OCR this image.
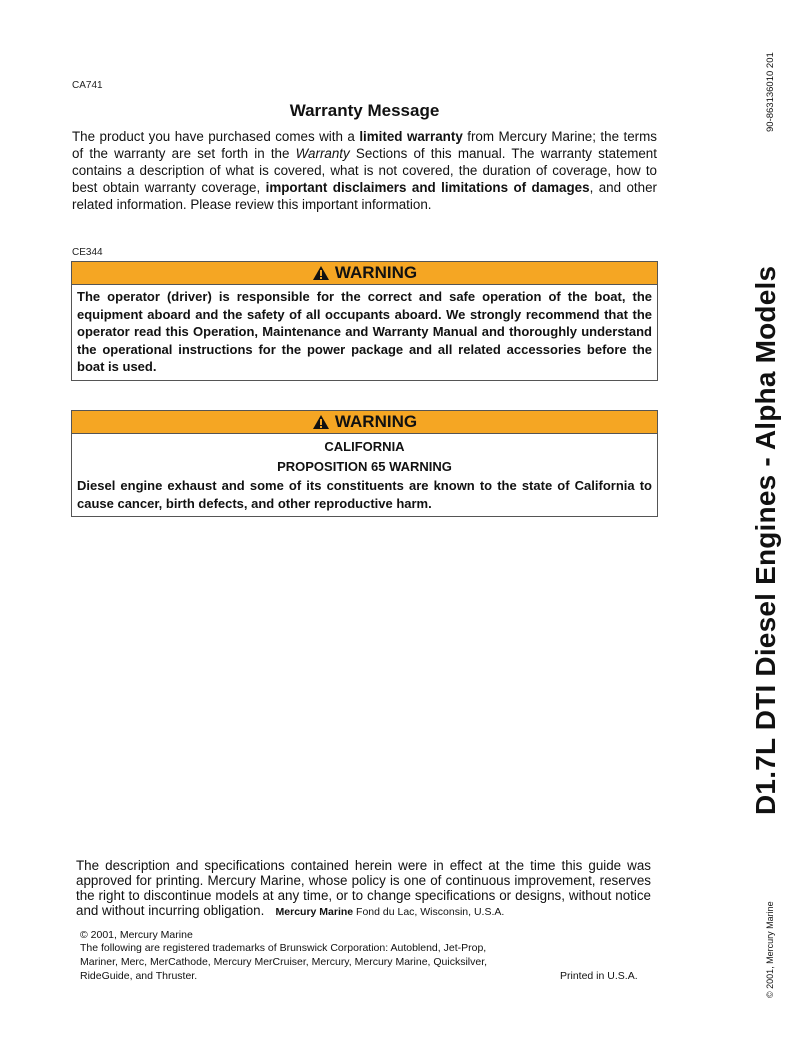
CA741
Warranty Message
The product you have purchased comes with a limited warranty from Mercury Marine; the terms of the warranty are set forth in the Warranty Sections of this manual. The warranty statement contains a description of what is covered, what is not covered, the duration of coverage, how to best obtain warranty coverage, important disclaimers and limitations of damages, and other related information. Please review this important information.
CE344
WARNING
The operator (driver) is responsible for the correct and safe operation of the boat, the equipment aboard and the safety of all occupants aboard. We strongly recommend that the operator read this Operation, Maintenance and Warranty Manual and thoroughly understand the operational instructions for the power package and all related accessories before the boat is used.
WARNING
CALIFORNIA
PROPOSITION 65 WARNING
Diesel engine exhaust and some of its constituents are known to the state of California to cause cancer, birth defects, and other reproductive harm.
The description and specifications contained herein were in effect at the time this guide was approved for printing. Mercury Marine, whose policy is one of continuous improvement, reserves the right to discontinue models at any time, or to change specifications or designs, without notice and without incurring obligation. Mercury Marine Fond du Lac, Wisconsin, U.S.A.
© 2001, Mercury Marine
The following are registered trademarks of Brunswick Corporation: Autoblend, Jet-Prop, Mariner, Merc, MerCathode, Mercury MerCruiser, Mercury, Mercury Marine, Quicksilver, RideGuide, and Thruster.	Printed in U.S.A.
90-863136010 201
D1.7L DTI Diesel Engines - Alpha Models
© 2001, Mercury Marine
